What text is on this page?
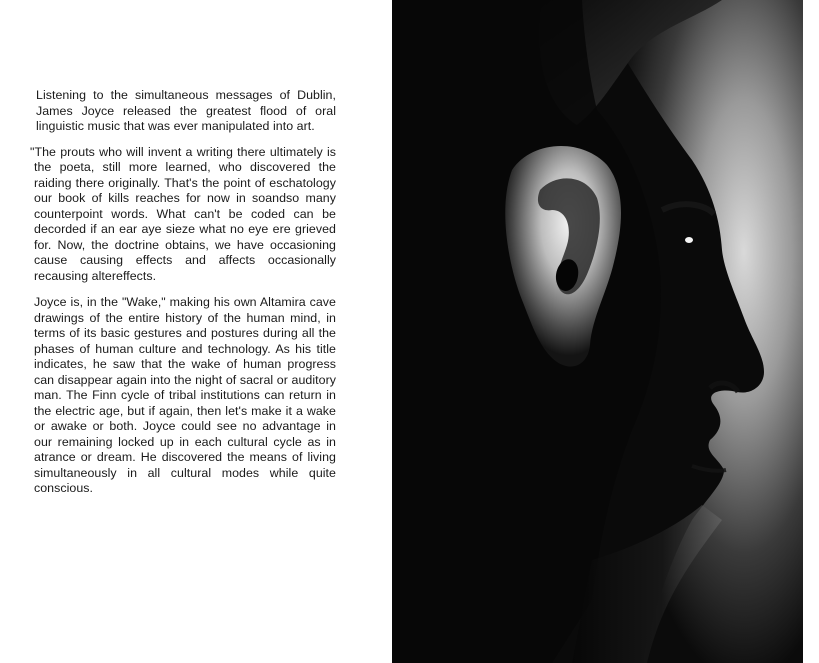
Listening to the simultaneous messages of Dublin, James Joyce released the greatest flood of oral linguistic music that was ever manipulated into art.

"The prouts who will invent a writing there ultimately is the poeta, still more learned, who discovered the raiding there originally. That's the point of eschatology our book of kills reaches for now in soandso many counterpoint words. What can't be coded can be decorded if an ear aye sieze what no eye ere grieved for. Now, the doctrine obtains, we have occasioning cause causing effects and affects occasionally recausing altereffects.

Joyce is, in the "Wake," making his own Altamira cave drawings of the entire history of the human mind, in terms of its basic gestures and postures during all the phases of human culture and technology. As his title indicates, he saw that the wake of human progress can disappear again into the night of sacral or auditory man. The Finn cycle of tribal institutions can return in the electric age, but if again, then let's make it a wake or awake or both. Joyce could see no advantage in our remaining locked up in each cultural cycle as in atrance or dream. He discovered the means of living simultaneously in all cultural modes while quite conscious.
